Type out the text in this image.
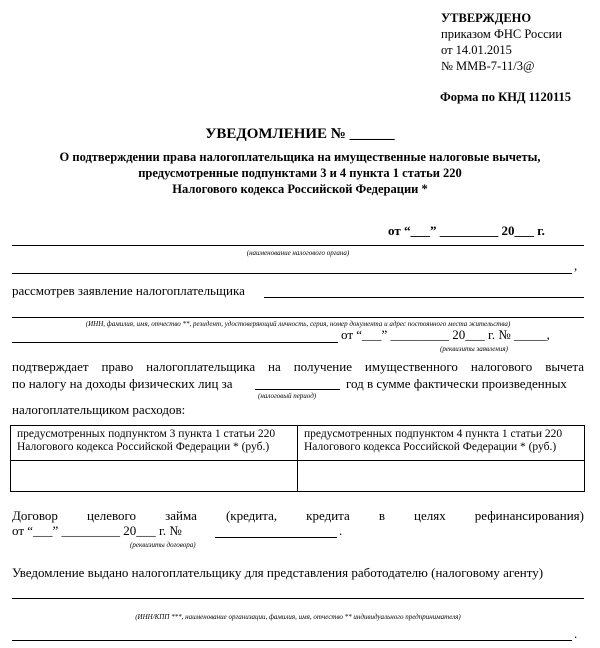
УТВЕРЖДЕНО
приказом ФНС России
от 14.01.2015
№ ММВ-7-11/3@
Форма по КНД 1120115
УВЕДОМЛЕНИЕ № ______
О подтверждении права налогоплательщика на имущественные налоговые вычеты,
предусмотренные подпунктами 3 и 4 пункта 1 статьи 220
Налогового кодекса Российской Федерации *
от “___” _________ 20___ г.
(наименование налогового органа)
,
рассмотрев заявление налогоплательщика
(ИНН, фамилия, имя, отчество **, резидент, удостоверяющий личность, серия, номер документа и адрес постоянного места жительства)
от “___” _________ 20___ г. № _____,
(реквизиты заявления)
подтверждает право налогоплательщика на получение имущественного налогового вычета
по налогу на доходы физических лиц за
(налоговый период)
год в сумме фактически произведенных
налогоплательщиком расходов:
предусмотренных подпунктом 3 пункта 1 статьи 220 Налогового кодекса Российской Федерации * (руб.)	предусмотренных подпунктом 4 пункта 1 статьи 220 Налогового кодекса Российской Федерации * (руб.)

Договор целевого займа (кредита, кредита в целях рефинансирования)
от “___” _________ 20___ г. №	.
(реквизиты договора)
Уведомление выдано налогоплательщику для представления работодателю (налоговому агенту)
(ИНН/КПП ***, наименование организации, фамилия, имя, отчество ** индивидуального предпринимателя)
.
